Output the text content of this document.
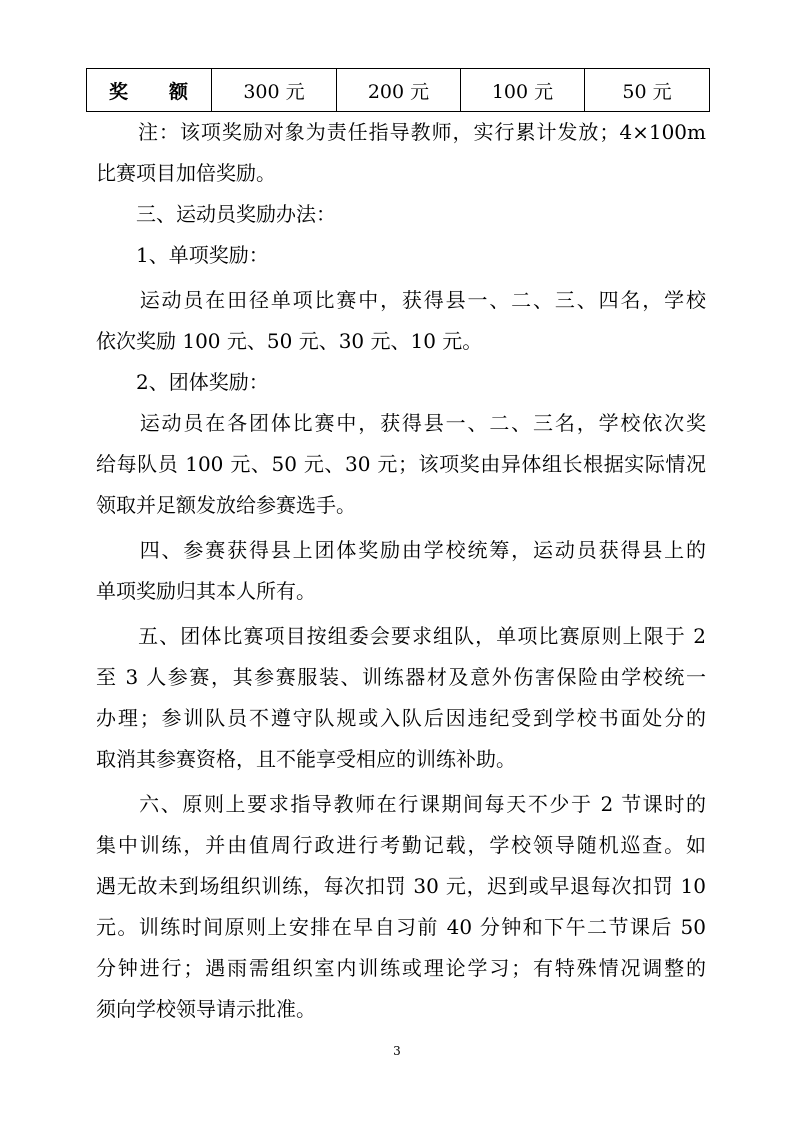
奖　　额	300 元	200 元	100 元	50 元
　　注：该项奖励对象为责任指导教师，实行累计发放；4×100m
比赛项目加倍奖励。
　　三、运动员奖励办法：
　　1、单项奖励：
　　运动员在田径单项比赛中，获得县一、二、三、四名，学校
依次奖励 100 元、50 元、30 元、10 元。
　　2、团体奖励：
　　运动员在各团体比赛中，获得县一、二、三名，学校依次奖
给每队员 100 元、50 元、30 元；该项奖由异体组长根据实际情况
领取并足额发放给参赛选手。
　　四、参赛获得县上团体奖励由学校统筹，运动员获得县上的
单项奖励归其本人所有。
　　五、团体比赛项目按组委会要求组队，单项比赛原则上限于 2
至 3 人参赛，其参赛服装、训练器材及意外伤害保险由学校统一
办理；参训队员不遵守队规或入队后因违纪受到学校书面处分的
取消其参赛资格，且不能享受相应的训练补助。
　　六、原则上要求指导教师在行课期间每天不少于 2 节课时的
集中训练，并由值周行政进行考勤记载，学校领导随机巡查。如
遇无故未到场组织训练，每次扣罚 30 元，迟到或早退每次扣罚 10
元。训练时间原则上安排在早自习前 40 分钟和下午二节课后 50
分钟进行；遇雨需组织室内训练或理论学习；有特殊情况调整的
须向学校领导请示批准。
3
